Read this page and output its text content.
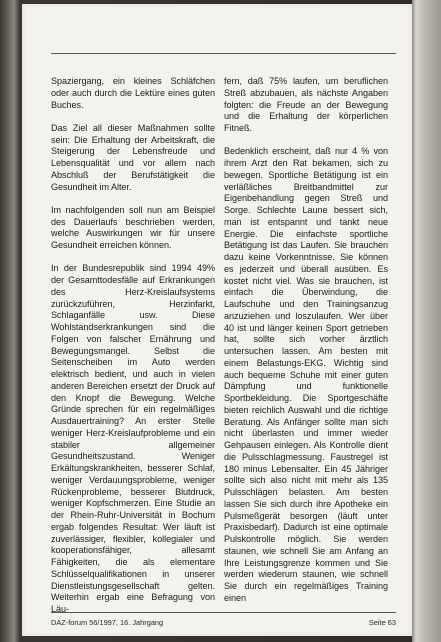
Spaziergang, ein kleines Schläfchen oder auch durch die Lektüre eines guten Buches.

Das Ziel all dieser Maßnahmen sollte sein: Die Erhaltung der Arbeitskraft, die Steigerung der Lebensfreude und Lebensqualität und vor allem nach Abschluß der Berufstätigkeit die Gesundheit im Alter.

Im nachfolgenden soll nun am Beispiel des Dauerlaufs beschrieben werden, welche Auswirkungen wir für unsere Gesundheit erreichen können.

In der Bundesrepublik sind 1994 49% der Gesamttodesfälle auf Erkrankungen des Herz-Kreislaufsystems zurückzuführen, Herzinfarkt, Schlaganfälle usw. Diese Wohlstandserkrankungen sind die Folgen von falscher Ernährung und Bewegungsmangel. Selbst die Seitenscheiben im Auto werden elektrisch bedient, und auch in vielen anderen Bereichen ersetzt der Druck auf den Knopf die Bewegung. Welche Gründe sprechen für ein regelmäßiges Ausdauertraining? An erster Stelle weniger Herz-Kreislaufprobleme und ein stabiler allgemeiner Gesundheitszustand. Weniger Erkältungskrankheiten, besserer Schlaf, weniger Verdauungsprobleme, weniger Rückenprobleme, besserer Blutdruck, weniger Kopfschmerzen. Eine Studie an der Rhein-Ruhr-Universität in Bochum ergab folgendes Resultat: Wer läuft ist zuverlässiger, flexibler, kollegialer und kooperationsfähiger, allesamt Fähigkeiten, die als elementare Schlüsselqualifikationen in unserer Dienstleistungsgesellschaft gelten. Weiterhin ergab eine Befragung von Läu-

fern, daß 75% laufen, um beruflichen Streß abzubauen, als nächste Angaben folgten: die Freude an der Bewegung und die Erhaltung der körperlichen Fitneß.

Bedenklich erscheint, daß nur 4 % von ihrem Arzt den Rat bekamen, sich zu bewegen. Sportliche Betätigung ist ein verläßliches Breitbandmittel zur Eigenbehandlung gegen Streß und Sorge. Schlechte Laune bessert sich, man ist entspannt und tankt neue Energie. Die einfachste sportliche Betätigung ist das Laufen. Sie brauchen dazu keine Vorkenntnisse. Sie können es jederzeit und überall ausüben. Es kostet nicht viel. Was sie brauchen, ist einfach die Überwindung, die Laufschuhe und den Trainingsanzug anzuziehen und loszulaufen. Wer über 40 ist und länger keinen Sport getrieben hat, sollte sich vorher ärztlich untersuchen lassen. Am besten mit einem Belastungs-EKG. Wichtig sind auch bequeme Schuhe mit einer guten Dämpfung und funktionelle Sportbekleidung. Die Sportgeschäfte bieten reichlich Auswahl und die richtige Beratung. Als Anfänger sollte man sich nicht überlasten und immer wieder Gehpausen einlegen. Als Kontrolle dient die Pulsschlagmessung. Faustregel ist 180 minus Lebensalter. Ein 45 Jähriger sollte sich also nicht mit mehr als 135 Pulsschlägen belasten. Am besten lassen Sie sich durch ihre Apotheke ein Pulsmeßgerät besorgen (läuft unter Praxisbedarf). Dadurch ist eine optimale Pulskontrolle möglich. Sie werden staunen, wie schnell Sie am Anfang an Ihre Leistungsgrenze kommen und Sie werden wiederum staunen, wie schnell Sie durch ein regelmäßiges Training einen

DAZ-forum 56/1997, 16. Jahrgang	Seite 63
